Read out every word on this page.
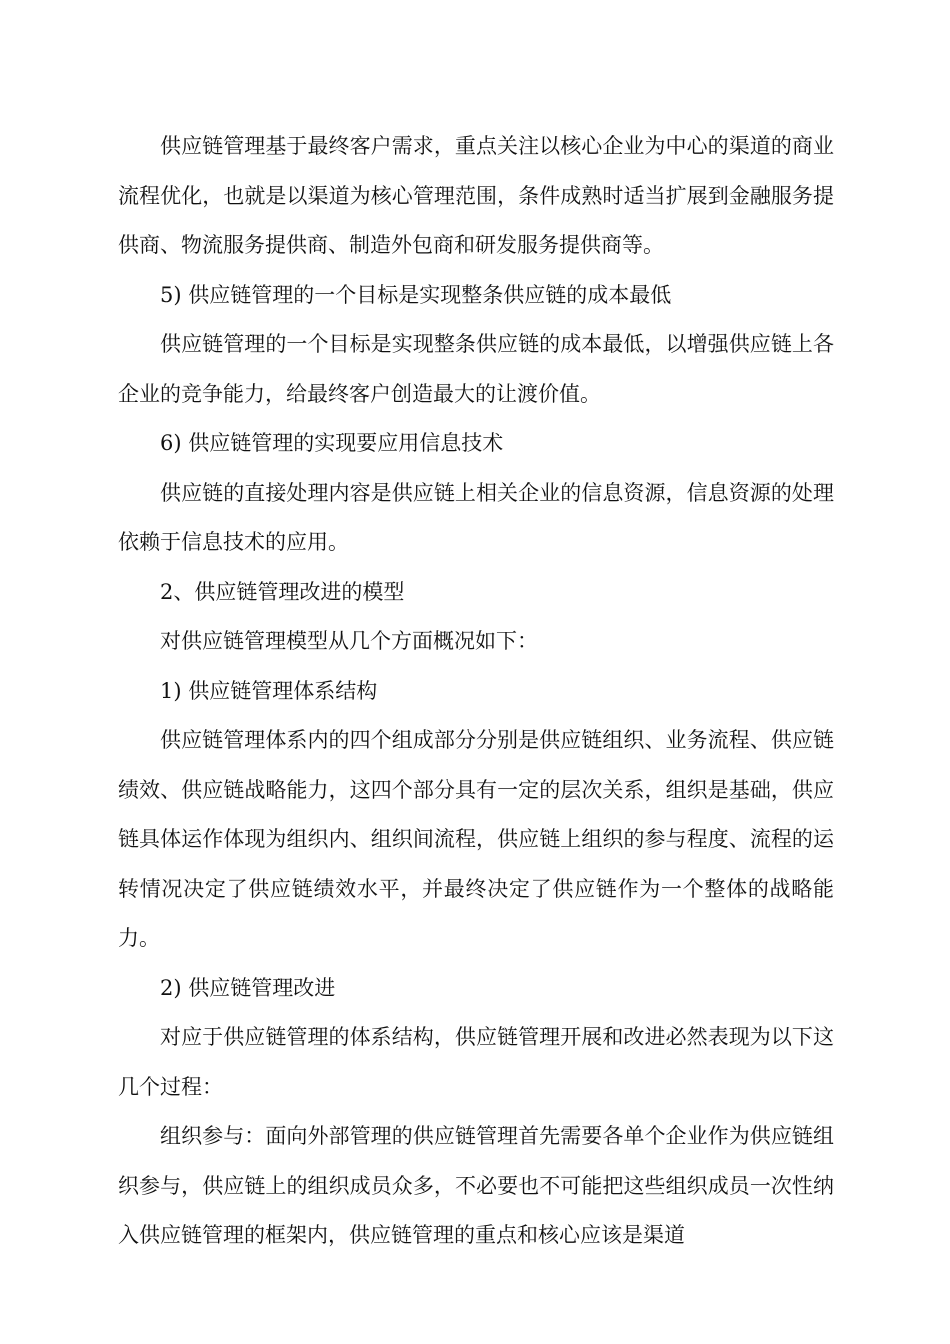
供应链管理基于最终客户需求，重点关注以核心企业为中心的渠道的商业流程优化，也就是以渠道为核心管理范围，条件成熟时适当扩展到金融服务提供商、物流服务提供商、制造外包商和研发服务提供商等。

5) 供应链管理的一个目标是实现整条供应链的成本最低

供应链管理的一个目标是实现整条供应链的成本最低，以增强供应链上各企业的竞争能力，给最终客户创造最大的让渡价值。

6) 供应链管理的实现要应用信息技术

供应链的直接处理内容是供应链上相关企业的信息资源，信息资源的处理依赖于信息技术的应用。

2、供应链管理改进的模型

对供应链管理模型从几个方面概况如下：

1) 供应链管理体系结构

供应链管理体系内的四个组成部分分别是供应链组织、业务流程、供应链绩效、供应链战略能力，这四个部分具有一定的层次关系，组织是基础，供应链具体运作体现为组织内、组织间流程，供应链上组织的参与程度、流程的运转情况决定了供应链绩效水平，并最终决定了供应链作为一个整体的战略能力。

2) 供应链管理改进

对应于供应链管理的体系结构，供应链管理开展和改进必然表现为以下这几个过程：

组织参与：面向外部管理的供应链管理首先需要各单个企业作为供应链组织参与，供应链上的组织成员众多，不必要也不可能把这些组织成员一次性纳入供应链管理的框架内，供应链管理的重点和核心应该是渠道
